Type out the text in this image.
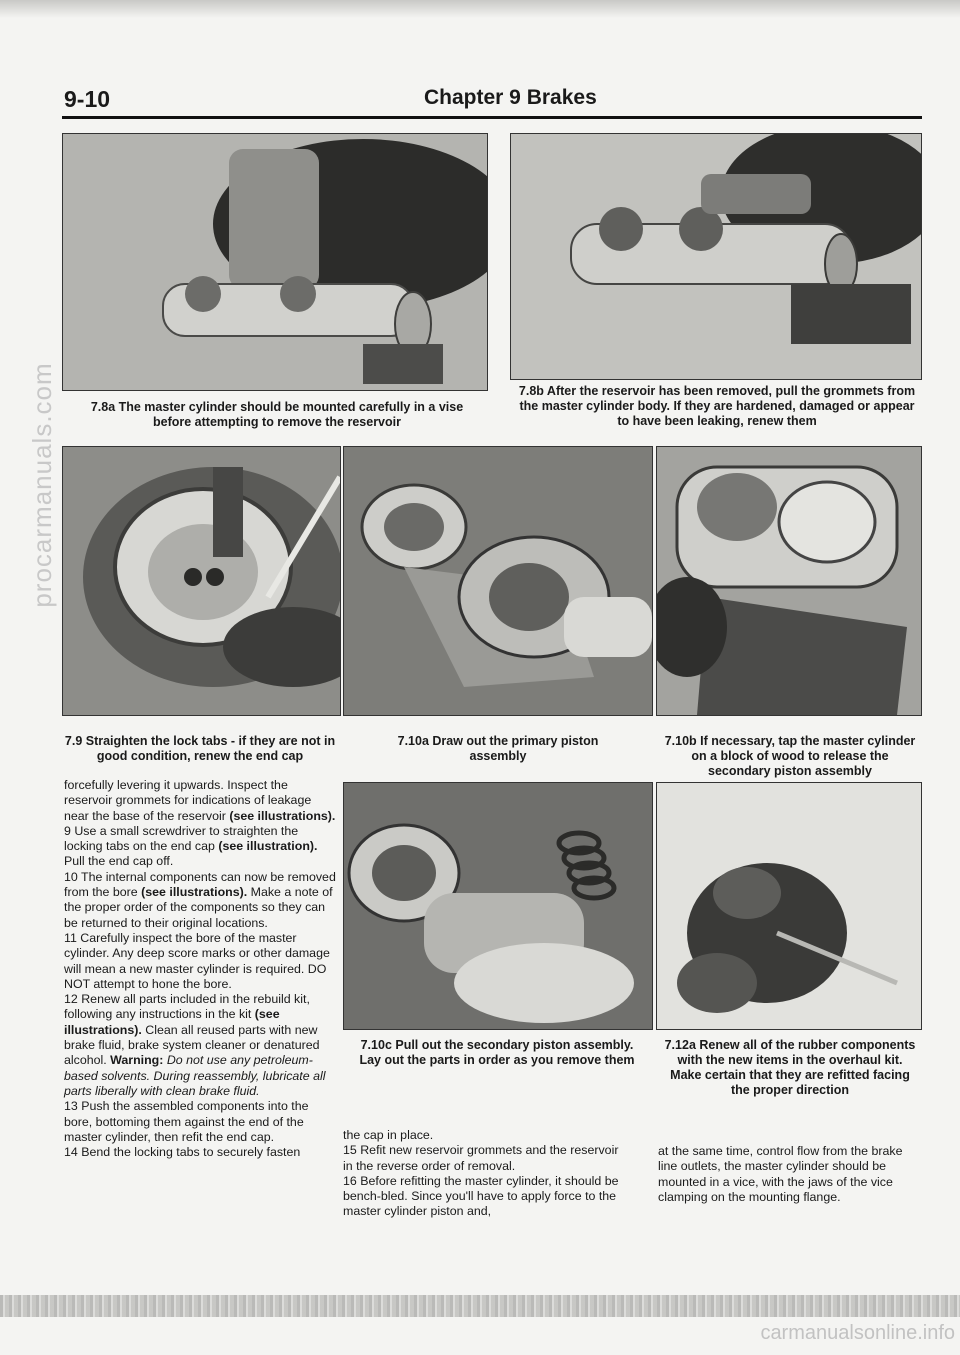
procarmanuals.com
9-10	Chapter 9 Brakes
7.8a The master cylinder should be mounted carefully in a vise before attempting to remove the reservoir
7.8b After the reservoir has been removed, pull the grommets from the master cylinder body. If they are hardened, damaged or appear to have been leaking, renew them
7.9 Straighten the lock tabs - if they are not in good condition, renew the end cap
7.10a Draw out the primary piston assembly
7.10b If necessary, tap the master cylinder on a block of wood to release the secondary piston assembly
7.10c Pull out the secondary piston assembly. Lay out the parts in order as you remove them
7.12a Renew all of the rubber components with the new items in the overhaul kit. Make certain that they are refitted facing the proper direction

forcefully levering it upwards. Inspect the reservoir grommets for indications of leakage near the base of the reservoir (see illustrations).

9 Use a small screwdriver to straighten the locking tabs on the end cap (see illustration). Pull the end cap off.

10 The internal components can now be removed from the bore (see illustrations). Make a note of the proper order of the components so they can be returned to their original locations.

11 Carefully inspect the bore of the master cylinder. Any deep score marks or other damage will mean a new master cylinder is required. DO NOT attempt to hone the bore.

12 Renew all parts included in the rebuild kit, following any instructions in the kit (see illustrations). Clean all reused parts with new brake fluid, brake system cleaner or denatured alcohol. Warning: Do not use any petroleum-based solvents. During reassembly, lubricate all parts liberally with clean brake fluid.

13 Push the assembled components into the bore, bottoming them against the end of the master cylinder, then refit the end cap.

14 Bend the locking tabs to securely fasten

the cap in place.

15 Refit new reservoir grommets and the reservoir in the reverse order of removal.

16 Before refitting the master cylinder, it should be bench-bled. Since you'll have to apply force to the master cylinder piston and,

at the same time, control flow from the brake line outlets, the master cylinder should be mounted in a vice, with the jaws of the vice clamping on the mounting flange.

carmanualsonline.info
